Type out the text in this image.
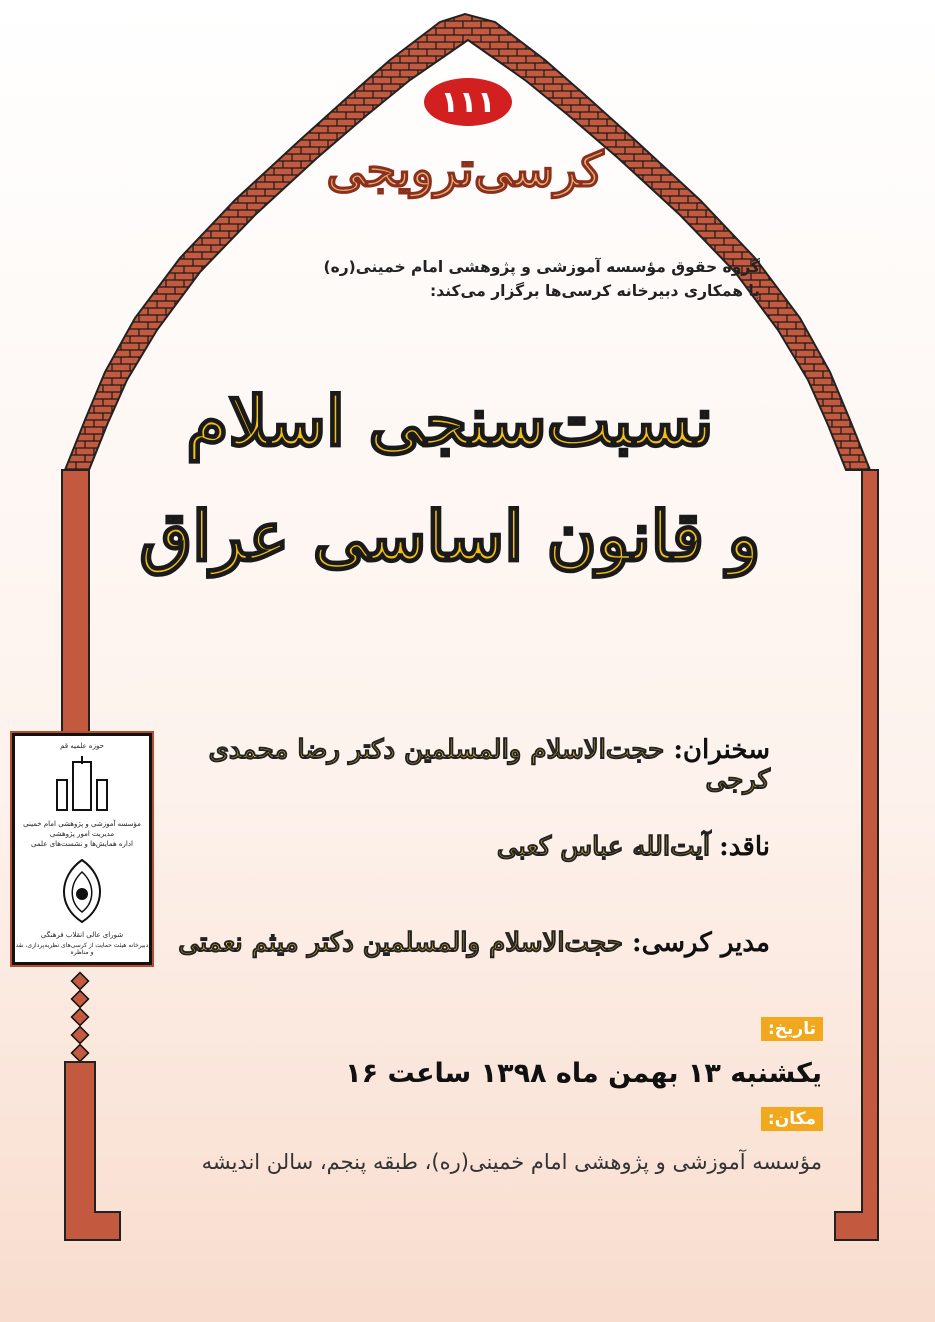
۱۱۱
کرسی‌ترویجی
گروه حقوق مؤسسه آموزشی و پژوهشی امام خمینی(ره)
با همکاری دبیرخانه کرسی‌ها برگزار می‌کند:
نسبت‌سنجی اسلام
و قانون اساسی عراق
حوزه علمیه قم
مؤسسه آموزشی و پژوهشی امام خمینی
مدیریت امور پژوهشی
اداره همایش‌ها و نشست‌های علمی
شورای عالی انقلاب فرهنگی
دبیرخانه هیئت حمایت از کرسی‌های نظریه‌پردازی، نقد و مناظره
سخنران: حجت‌الاسلام والمسلمین دکتر رضا محمدی کرجی
ناقد: آیت‌الله عباس کعبی
مدیر کرسی: حجت‌الاسلام والمسلمین دکتر میثم نعمتی
تاریخ:
یکشنبه ۱۳ بهمن ماه ۱۳۹۸ ساعت ۱۶
مکان:
مؤسسه آموزشی و پژوهشی امام خمینی(ره)، طبقه پنجم، سالن اندیشه
